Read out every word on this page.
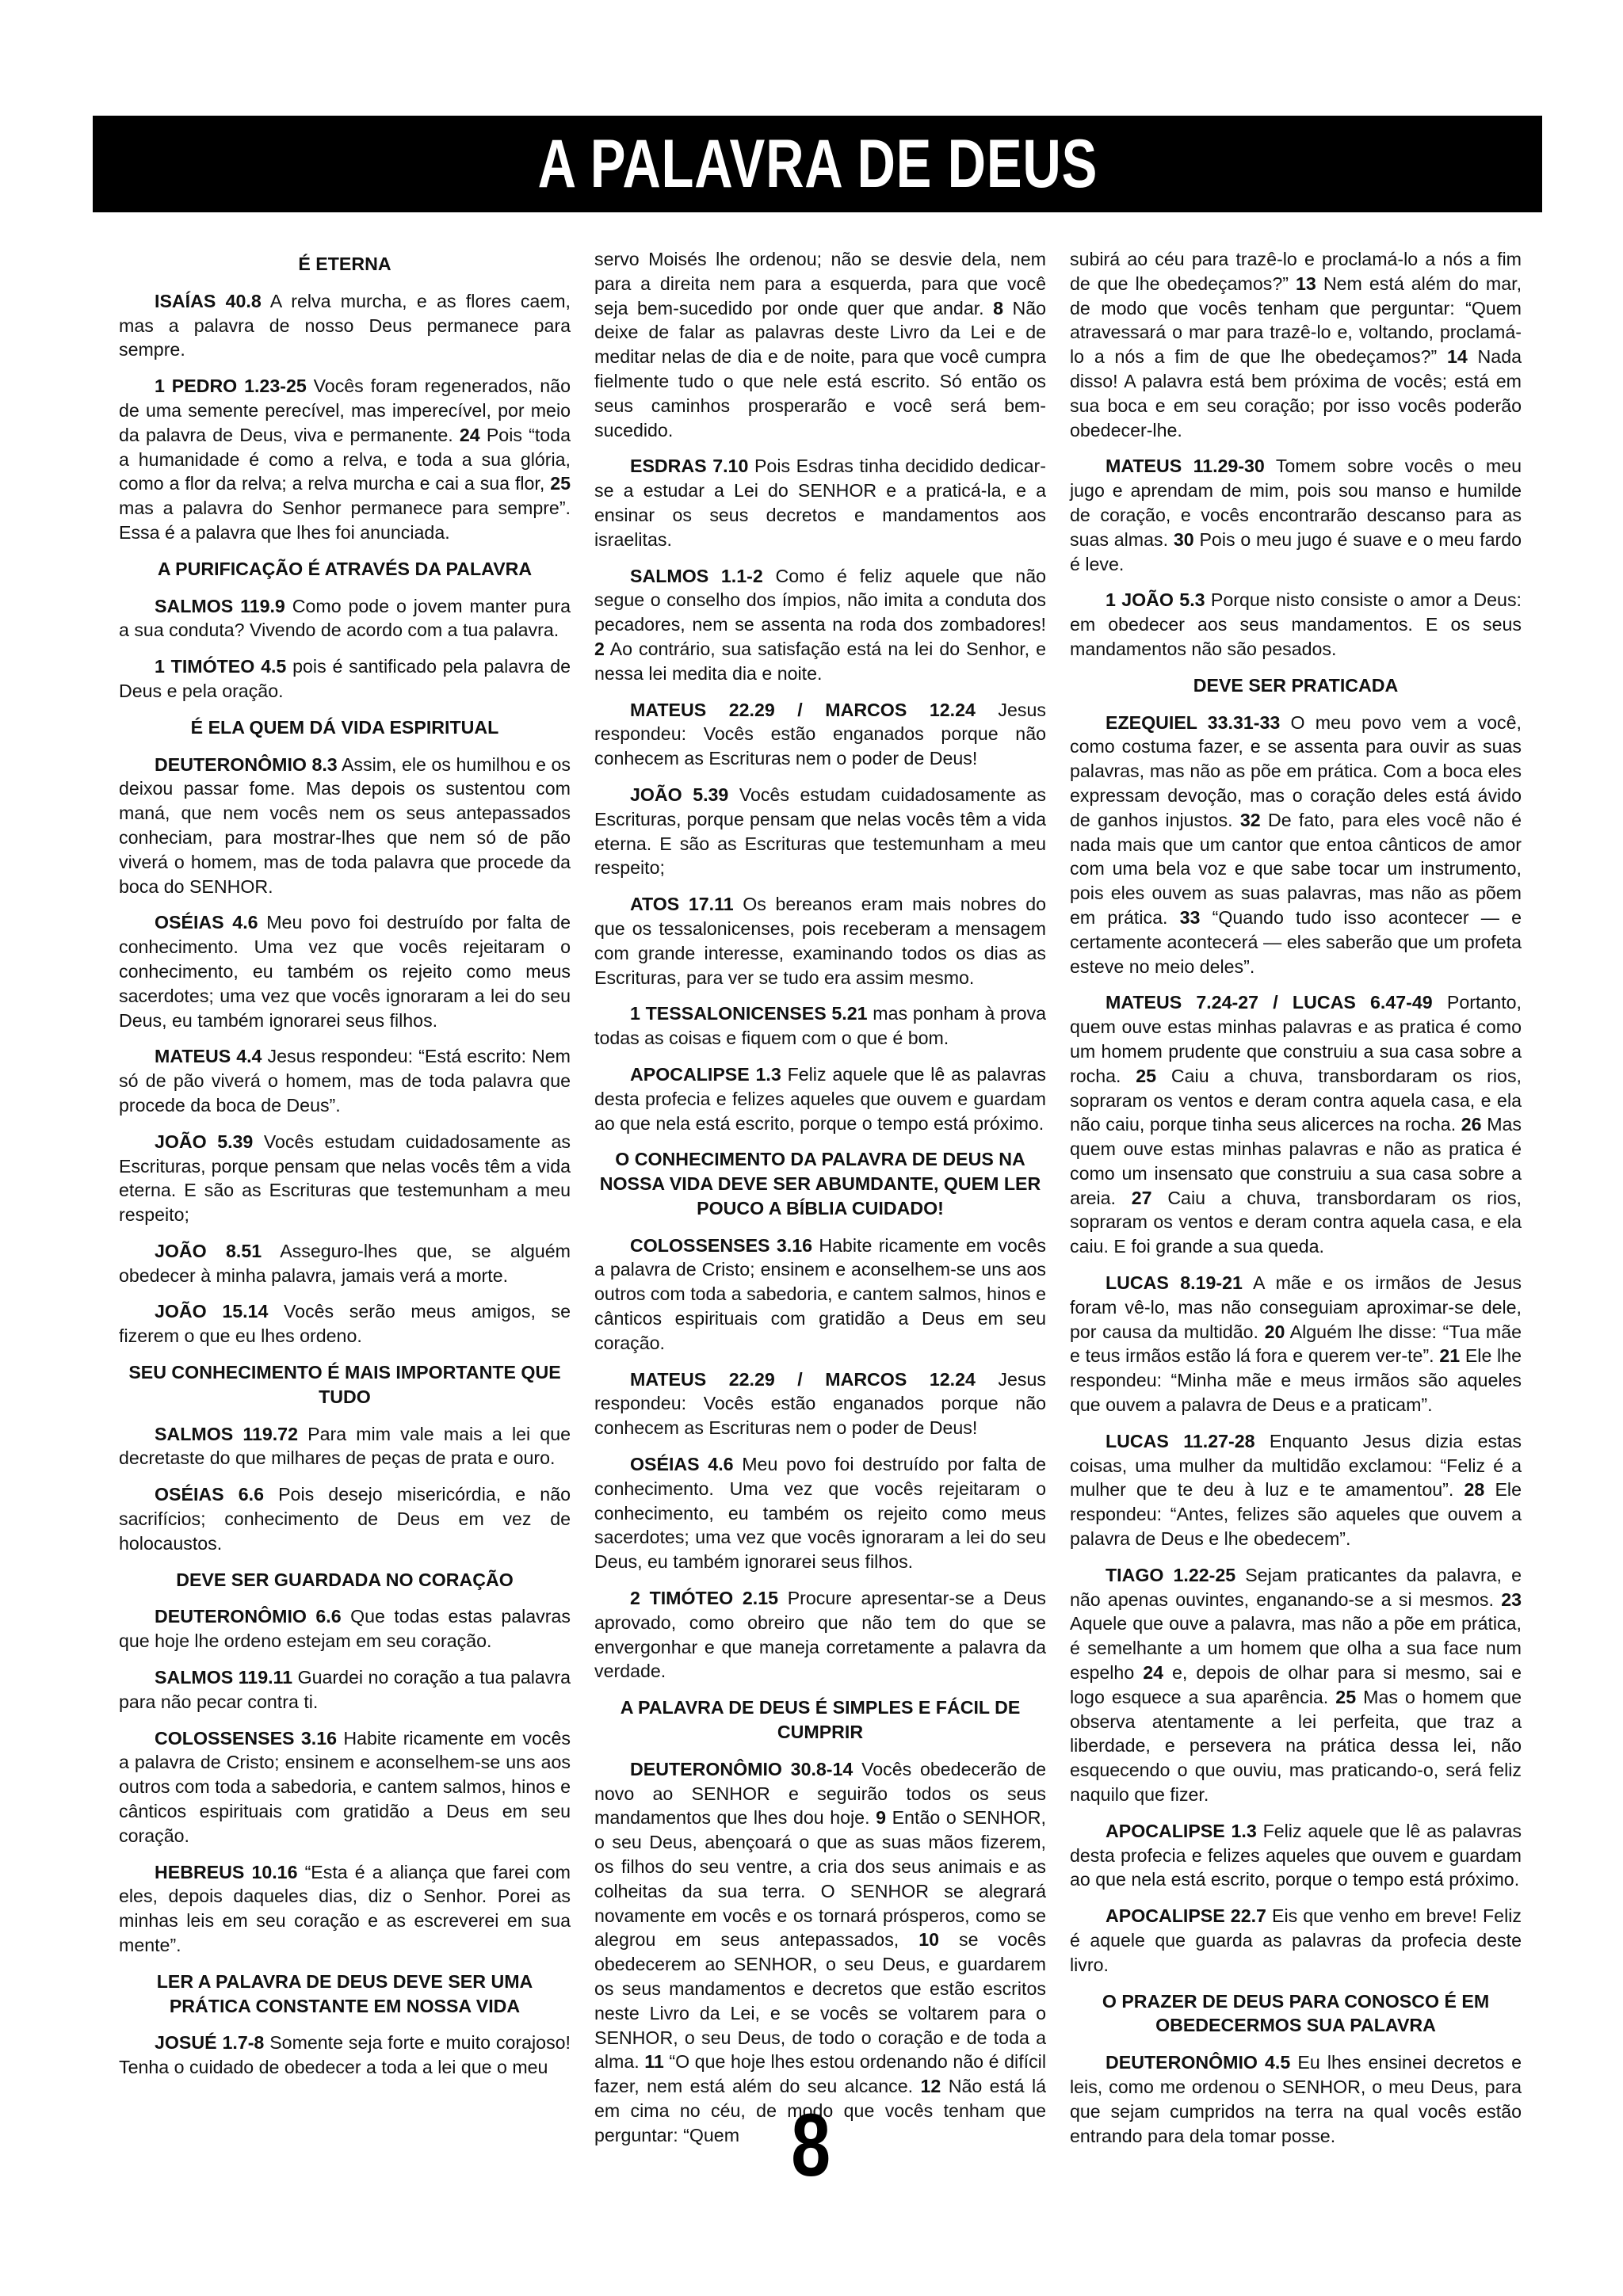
A PALAVRA DE DEUS
É ETERNA

ISAÍAS 40.8 A relva murcha, e as flores caem, mas a palavra de nosso Deus permanece para sempre.

1 PEDRO 1.23-25 Vocês foram regenerados, não de uma semente perecível, mas imperecível, por meio da palavra de Deus, viva e permanente. 24 Pois “toda a humanidade é como a relva, e toda a sua glória, como a flor da relva; a relva murcha e cai a sua flor, 25 mas a palavra do Senhor permanece para sempre”. Essa é a palavra que lhes foi anunciada.

A PURIFICAÇÃO É ATRAVÉS DA PALAVRA

SALMOS 119.9 Como pode o jovem manter pura a sua conduta? Vivendo de acordo com a tua palavra.

1 TIMÓTEO 4.5 pois é santificado pela palavra de Deus e pela oração.

É ELA QUEM DÁ VIDA ESPIRITUAL

DEUTERONÔMIO 8.3 Assim, ele os humilhou e os deixou passar fome. Mas depois os sustentou com maná, que nem vocês nem os seus antepassados conheciam, para mostrar-lhes que nem só de pão viverá o homem, mas de toda palavra que procede da boca do SENHOR.

OSÉIAS 4.6 Meu povo foi destruído por falta de conhecimento. Uma vez que vocês rejeitaram o conhecimento, eu também os rejeito como meus sacerdotes; uma vez que vocês ignoraram a lei do seu Deus, eu também ignorarei seus filhos.

MATEUS 4.4 Jesus respondeu: “Está escrito: Nem só de pão viverá o homem, mas de toda palavra que procede da boca de Deus”.

JOÃO 5.39 Vocês estudam cuidadosamente as Escrituras, porque pensam que nelas vocês têm a vida eterna. E são as Escrituras que testemunham a meu respeito;

JOÃO 8.51 Asseguro-lhes que, se alguém obedecer à minha palavra, jamais verá a morte.

JOÃO 15.14 Vocês serão meus amigos, se fizerem o que eu lhes ordeno.

SEU CONHECIMENTO É MAIS IMPORTANTE QUE TUDO

SALMOS 119.72 Para mim vale mais a lei que decretaste do que milhares de peças de prata e ouro.

OSÉIAS 6.6 Pois desejo misericórdia, e não sacrifícios; conhecimento de Deus em vez de holocaustos.

DEVE SER GUARDADA NO CORAÇÃO

DEUTERONÔMIO 6.6 Que todas estas palavras que hoje lhe ordeno estejam em seu coração.

SALMOS 119.11 Guardei no coração a tua palavra para não pecar contra ti.

COLOSSENSES 3.16 Habite ricamente em vocês a palavra de Cristo; ensinem e aconselhem-se uns aos outros com toda a sabedoria, e cantem salmos, hinos e cânticos espirituais com gratidão a Deus em seu coração.

HEBREUS 10.16 “Esta é a aliança que farei com eles, depois daqueles dias, diz o Senhor. Porei as minhas leis em seu coração e as escreverei em sua mente”.

LER A PALAVRA DE DEUS DEVE SER UMA PRÁTICA CONSTANTE EM NOSSA VIDA

JOSUÉ 1.7-8 Somente seja forte e muito corajoso! Tenha o cuidado de obedecer a toda a lei que o meu

servo Moisés lhe ordenou; não se desvie dela, nem para a direita nem para a esquerda, para que você seja bem-sucedido por onde quer que andar. 8 Não deixe de falar as palavras deste Livro da Lei e de meditar nelas de dia e de noite, para que você cumpra fielmente tudo o que nele está escrito. Só então os seus caminhos prosperarão e você será bem-sucedido.

ESDRAS 7.10 Pois Esdras tinha decidido dedicar-se a estudar a Lei do SENHOR e a praticá-la, e a ensinar os seus decretos e mandamentos aos israelitas.

SALMOS 1.1-2 Como é feliz aquele que não segue o conselho dos ímpios, não imita a conduta dos pecadores, nem se assenta na roda dos zombadores! 2 Ao contrário, sua satisfação está na lei do Senhor, e nessa lei medita dia e noite.

MATEUS 22.29 / MARCOS 12.24 Jesus respondeu: Vocês estão enganados porque não conhecem as Escrituras nem o poder de Deus!

JOÃO 5.39 Vocês estudam cuidadosamente as Escrituras, porque pensam que nelas vocês têm a vida eterna. E são as Escrituras que testemunham a meu respeito;

ATOS 17.11 Os bereanos eram mais nobres do que os tessalonicenses, pois receberam a mensagem com grande interesse, examinando todos os dias as Escrituras, para ver se tudo era assim mesmo.

1 TESSALONICENSES 5.21 mas ponham à prova todas as coisas e fiquem com o que é bom.

APOCALIPSE 1.3 Feliz aquele que lê as palavras desta profecia e felizes aqueles que ouvem e guardam ao que nela está escrito, porque o tempo está próximo.

O CONHECIMENTO DA PALAVRA DE DEUS NA NOSSA VIDA DEVE SER ABUMDANTE, QUEM LER POUCO A BÍBLIA CUIDADO!

COLOSSENSES 3.16 Habite ricamente em vocês a palavra de Cristo; ensinem e aconselhem-se uns aos outros com toda a sabedoria, e cantem salmos, hinos e cânticos espirituais com gratidão a Deus em seu coração.

MATEUS 22.29 / MARCOS 12.24 Jesus respondeu: Vocês estão enganados porque não conhecem as Escrituras nem o poder de Deus!

OSÉIAS 4.6 Meu povo foi destruído por falta de conhecimento. Uma vez que vocês rejeitaram o conhecimento, eu também os rejeito como meus sacerdotes; uma vez que vocês ignoraram a lei do seu Deus, eu também ignorarei seus filhos.

2 TIMÓTEO 2.15 Procure apresentar-se a Deus aprovado, como obreiro que não tem do que se envergonhar e que maneja corretamente a palavra da verdade.

A PALAVRA DE DEUS É SIMPLES E FÁCIL DE CUMPRIR

DEUTERONÔMIO 30.8-14 Vocês obedecerão de novo ao SENHOR e seguirão todos os seus mandamentos que lhes dou hoje. 9 Então o SENHOR, o seu Deus, abençoará o que as suas mãos fizerem, os filhos do seu ventre, a cria dos seus animais e as colheitas da sua terra. O SENHOR se alegrará novamente em vocês e os tornará prósperos, como se alegrou em seus antepassados, 10 se vocês obedecerem ao SENHOR, o seu Deus, e guardarem os seus mandamentos e decretos que estão escritos neste Livro da Lei, e se vocês se voltarem para o SENHOR, o seu Deus, de todo o coração e de toda a alma. 11 “O que hoje lhes estou ordenando não é difícil fazer, nem está além do seu alcance. 12 Não está lá em cima no céu, de modo que vocês tenham que perguntar: “Quem

subirá ao céu para trazê-lo e proclamá-lo a nós a fim de que lhe obedeçamos?” 13 Nem está além do mar, de modo que vocês tenham que perguntar: “Quem atravessará o mar para trazê-lo e, voltando, proclamá-lo a nós a fim de que lhe obedeçamos?” 14 Nada disso! A palavra está bem próxima de vocês; está em sua boca e em seu coração; por isso vocês poderão obedecer-lhe.

MATEUS 11.29-30 Tomem sobre vocês o meu jugo e aprendam de mim, pois sou manso e humilde de coração, e vocês encontrarão descanso para as suas almas. 30 Pois o meu jugo é suave e o meu fardo é leve.

1 JOÃO 5.3 Porque nisto consiste o amor a Deus: em obedecer aos seus mandamentos. E os seus mandamentos não são pesados.

DEVE SER PRATICADA

EZEQUIEL 33.31-33 O meu povo vem a você, como costuma fazer, e se assenta para ouvir as suas palavras, mas não as põe em prática. Com a boca eles expressam devoção, mas o coração deles está ávido de ganhos injustos. 32 De fato, para eles você não é nada mais que um cantor que entoa cânticos de amor com uma bela voz e que sabe tocar um instrumento, pois eles ouvem as suas palavras, mas não as põem em prática. 33 “Quando tudo isso acontecer — e certamente acontecerá — eles saberão que um profeta esteve no meio deles”.

MATEUS 7.24-27 / LUCAS 6.47-49 Portanto, quem ouve estas minhas palavras e as pratica é como um homem prudente que construiu a sua casa sobre a rocha. 25 Caiu a chuva, transbordaram os rios, sopraram os ventos e deram contra aquela casa, e ela não caiu, porque tinha seus alicerces na rocha. 26 Mas quem ouve estas minhas palavras e não as pratica é como um insensato que construiu a sua casa sobre a areia. 27 Caiu a chuva, transbordaram os rios, sopraram os ventos e deram contra aquela casa, e ela caiu. E foi grande a sua queda.

LUCAS 8.19-21 A mãe e os irmãos de Jesus foram vê-lo, mas não conseguiam aproximar-se dele, por causa da multidão. 20 Alguém lhe disse: “Tua mãe e teus irmãos estão lá fora e querem ver-te”. 21 Ele lhe respondeu: “Minha mãe e meus irmãos são aqueles que ouvem a palavra de Deus e a praticam”.

LUCAS 11.27-28 Enquanto Jesus dizia estas coisas, uma mulher da multidão exclamou: “Feliz é a mulher que te deu à luz e te amamentou”. 28 Ele respondeu: “Antes, felizes são aqueles que ouvem a palavra de Deus e lhe obedecem”.

TIAGO 1.22-25 Sejam praticantes da palavra, e não apenas ouvintes, enganando-se a si mesmos. 23 Aquele que ouve a palavra, mas não a põe em prática, é semelhante a um homem que olha a sua face num espelho 24 e, depois de olhar para si mesmo, sai e logo esquece a sua aparência. 25 Mas o homem que observa atentamente a lei perfeita, que traz a liberdade, e persevera na prática dessa lei, não esquecendo o que ouviu, mas praticando-o, será feliz naquilo que fizer.

APOCALIPSE 1.3 Feliz aquele que lê as palavras desta profecia e felizes aqueles que ouvem e guardam ao que nela está escrito, porque o tempo está próximo.

APOCALIPSE 22.7 Eis que venho em breve! Feliz é aquele que guarda as palavras da profecia deste livro.

O PRAZER DE DEUS PARA CONOSCO É EM OBEDECERMOS SUA PALAVRA

DEUTERONÔMIO 4.5 Eu lhes ensinei decretos e leis, como me ordenou o SENHOR, o meu Deus, para que sejam cumpridos na terra na qual vocês estão entrando para dela tomar posse.

8
